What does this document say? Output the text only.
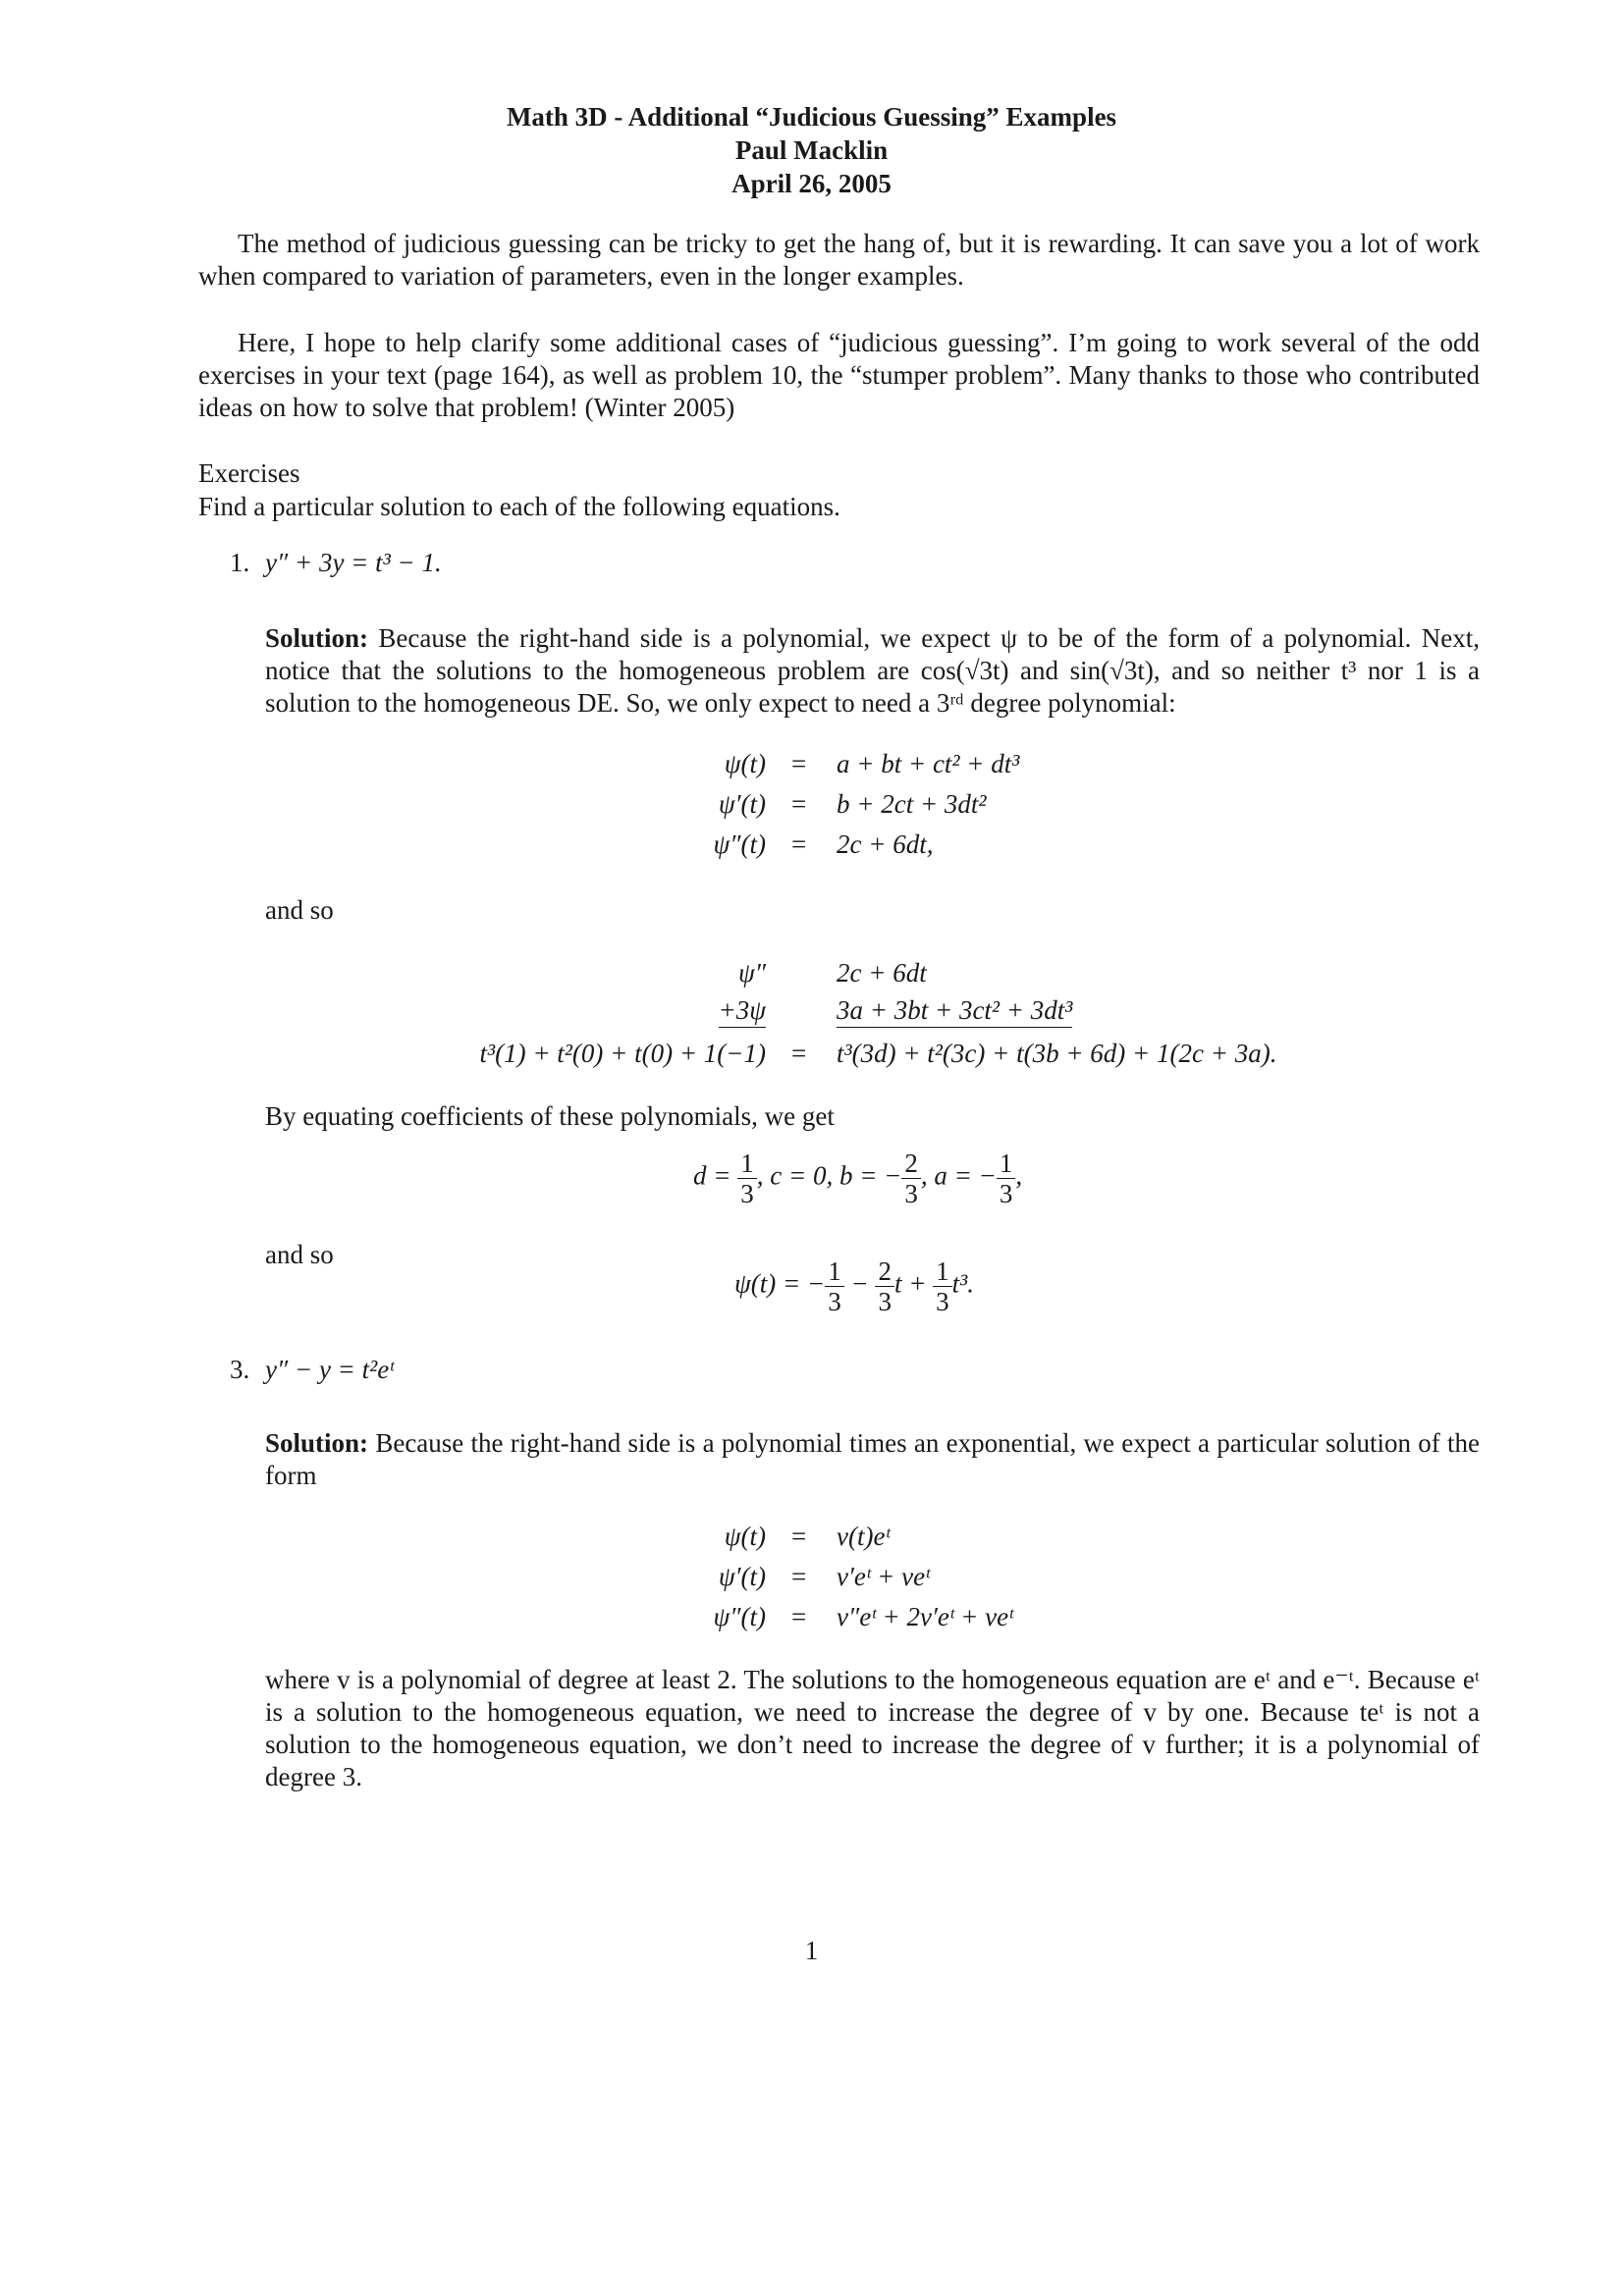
Math 3D - Additional “Judicious Guessing” Examples
Paul Macklin
April 26, 2005
The method of judicious guessing can be tricky to get the hang of, but it is rewarding. It can save you a lot of work when compared to variation of parameters, even in the longer examples.
Here, I hope to help clarify some additional cases of “judicious guessing”. I’m going to work several of the odd exercises in your text (page 164), as well as problem 10, the “stumper problem”. Many thanks to those who contributed ideas on how to solve that problem! (Winter 2005)
Exercises
Find a particular solution to each of the following equations.
1. y″ + 3y = t³ − 1.
Solution: Because the right-hand side is a polynomial, we expect ψ to be of the form of a polynomial. Next, notice that the solutions to the homogeneous problem are cos(√3t) and sin(√3t), and so neither t³ nor 1 is a solution to the homogeneous DE. So, we only expect to need a 3ʳᵈ degree polynomial:
ψ(t) = a + bt + ct² + dt³
ψ′(t) = b + 2ct + 3dt²
ψ″(t) = 2c + 6dt,
and so
ψ″	2c + 6dt
+3ψ	3a + 3bt + 3ct² + 3dt³
t³(1) + t²(0) + t(0) + 1(−1) = t³(3d) + t²(3c) + t(3b + 6d) + 1(2c + 3a).
By equating coefficients of these polynomials, we get
$d = \frac{1}{3}$ , c = 0, b = − $\frac{2}{3}$ , a = − $\frac{1}{3}$ ,
and so
ψ(t) = − $\frac{1}{3} - \frac{2}{3}$ $t + \frac{1}{3} t^3$.
3. y″ − y = t²eᵗ
Solution: Because the right-hand side is a polynomial times an exponential, we expect a particular solution of the form
ψ(t) = v(t)eᵗ
ψ′(t) = v′eᵗ + veᵗ
ψ″(t) = v″eᵗ + 2v′eᵗ + veᵗ
where v is a polynomial of degree at least 2. The solutions to the homogeneous equation are eᵗ and e⁻ᵗ. Because eᵗ is a solution to the homogeneous equation, we need to increase the degree of v by one. Because teᵗ is not a solution to the homogeneous equation, we don’t need to increase the degree of v further; it is a polynomial of degree 3.
1
